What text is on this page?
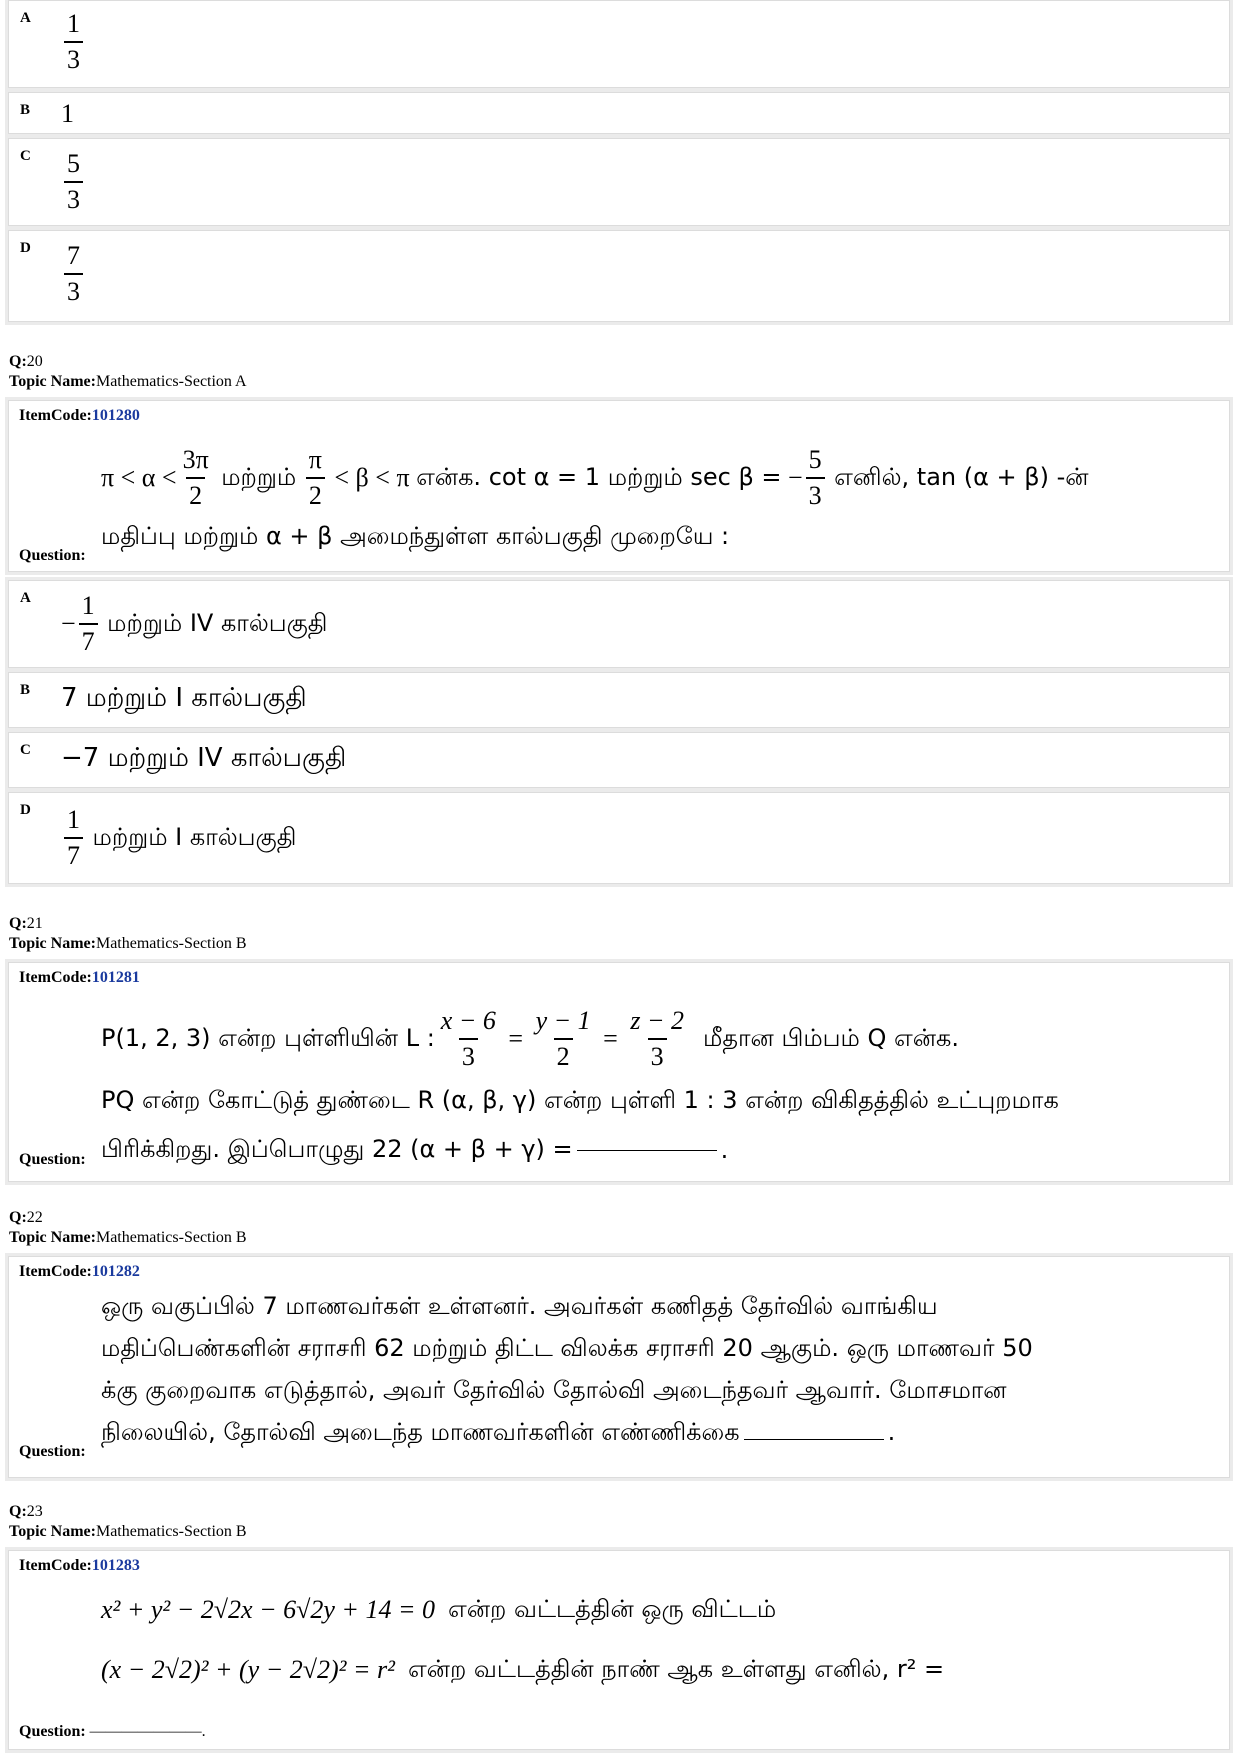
A $\frac{1}{3}$
B 1
C $\frac{5}{3}$
D $\frac{7}{3}$
Q:20
Topic Name:Mathematics-Section A
ItemCode:101280
$\pi < \alpha < \frac{3\pi}{2}$
மற்றும்
$\frac{\pi}{2}$
< β < π
என்க. cot α = 1 மற்றும் sec β =
− $\frac{5}{3}$
எனில், tan (α + β) -ன்
மதிப்பு மற்றும் α + β அமைந்துள்ள கால்பகுதி முறையே :
Question:
A
− $\frac{1}{7}$
மற்றும் IV கால்பகுதி
B 7 மற்றும் I கால்பகுதி
C −7 மற்றும் IV கால்பகுதி
D $\frac{1}{7}$
மற்றும் I கால்பகுதி
Q:21
Topic Name:Mathematics-Section B
ItemCode:101281
P(1, 2, 3) என்ற புள்ளியின் L : $\frac{x - 6}{3}$
=
$\frac{y - 1}{2}$
=
$\frac{z - 2}{3}$
மீதான பிம்பம் Q என்க.
PQ என்ற கோட்டுத் துண்டை R (α, β, γ) என்ற புள்ளி 1 : 3 என்ற விகிதத்தில் உட்புறமாக
பிரிக்கிறது. இப்பொழுது 22 (α + β + γ) =	.
Question:
Q:22
Topic Name:Mathematics-Section B
ItemCode:101282
ஒரு வகுப்பில் 7 மாணவர்கள் உள்ளனர். அவர்கள் கணிதத் தேர்வில் வாங்கிய
மதிப்பெண்களின் சராசரி 62 மற்றும் திட்ட விலக்க சராசரி 20 ஆகும். ஒரு மாணவர் 50
க்கு குறைவாக எடுத்தால், அவர் தேர்வில் தோல்வி அடைந்தவர் ஆவார். மோசமான
நிலையில், தோல்வி அடைந்த மாணவர்களின் எண்ணிக்கை	.
Question:
Q:23
Topic Name:Mathematics-Section B
ItemCode:101283
x² + y² − 2√2x − 6√2y + 14 = 0
என்ற வட்டத்தின் ஒரு விட்டம்
(x − 2√2)² + (y − 2√2)² = r²
என்ற வட்டத்தின் நாண் ஆக உள்ளது எனில், r² =
Question: ———————.
